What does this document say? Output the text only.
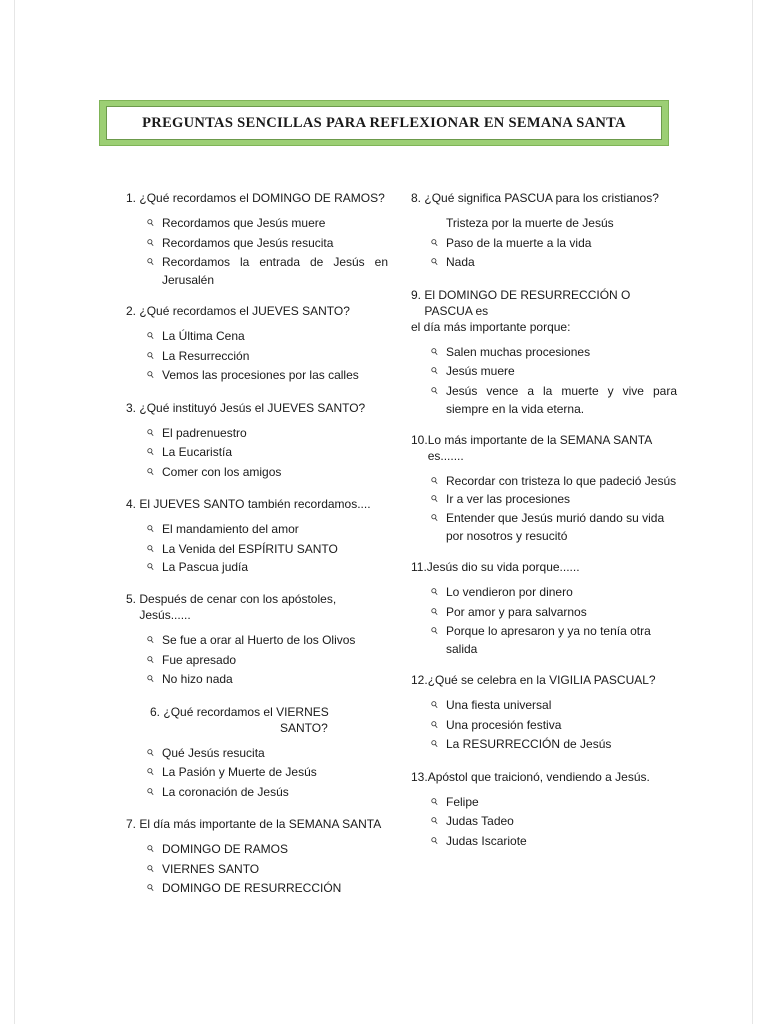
PREGUNTAS SENCILLAS PARA REFLEXIONAR EN SEMANA SANTA

1.
¿Qué recordamos el DOMINGO DE RAMOS?

⚲ Recordamos que Jesús muere
⚲ Recordamos que Jesús resucita
⚲ Recordamos la entrada de Jesús en Jerusalén

2.
¿Qué recordamos el JUEVES SANTO?

⚲ La Última Cena
⚲ La Resurrección
⚲ Vemos las procesiones por las calles

3.
¿Qué instituyó Jesús el JUEVES SANTO?

⚲ El padrenuestro
⚲ La Eucaristía
⚲ Comer con los amigos

4.
El JUEVES SANTO también recordamos....

⚲ El mandamiento del amor
⚲ La Venida del ESPÍRITU SANTO
⚲ La Pascua judía

5.
Después de cenar con los apóstoles, Jesús......

⚲ Se fue a orar al Huerto de los Olivos
⚲ Fue apresado
⚲ No hizo nada

6. ¿Qué recordamos el VIERNES
SANTO?

⚲ Qué Jesús resucita
⚲ La Pasión y Muerte de Jesús
⚲ La coronación de Jesús

7.
El día más importante de la SEMANA SANTA

⚲ DOMINGO DE RAMOS
⚲ VIERNES SANTO
⚲ DOMINGO DE RESURRECCIÓN

8.
¿Qué significa PASCUA para los cristianos?

Tristeza por la muerte de Jesús
⚲ Paso de la muerte a la vida
⚲ Nada

9.
El DOMINGO DE RESURRECCIÓN O PASCUA es

el día más importante porque:

⚲ Salen muchas procesiones
⚲ Jesús muere
⚲ Jesús vence a la muerte y vive para siempre en la vida eterna.

10. Lo más importante de la SEMANA SANTA es.......

⚲ Recordar con tristeza lo que padeció Jesús
⚲ Ir a ver las procesiones
⚲ Entender que Jesús murió dando su vida por nosotros y resucitó

11. Jesús dio su vida porque......

⚲ Lo vendieron por dinero
⚲ Por amor y para salvarnos
⚲ Porque lo apresaron y ya no tenía otra salida

12. ¿Qué se celebra en la VIGILIA PASCUAL?

⚲ Una fiesta universal
⚲ Una procesión festiva
⚲ La RESURRECCIÓN de Jesús

13. Apóstol que traicionó, vendiendo a Jesús.

⚲ Felipe
⚲ Judas Tadeo
⚲ Judas Iscariote
